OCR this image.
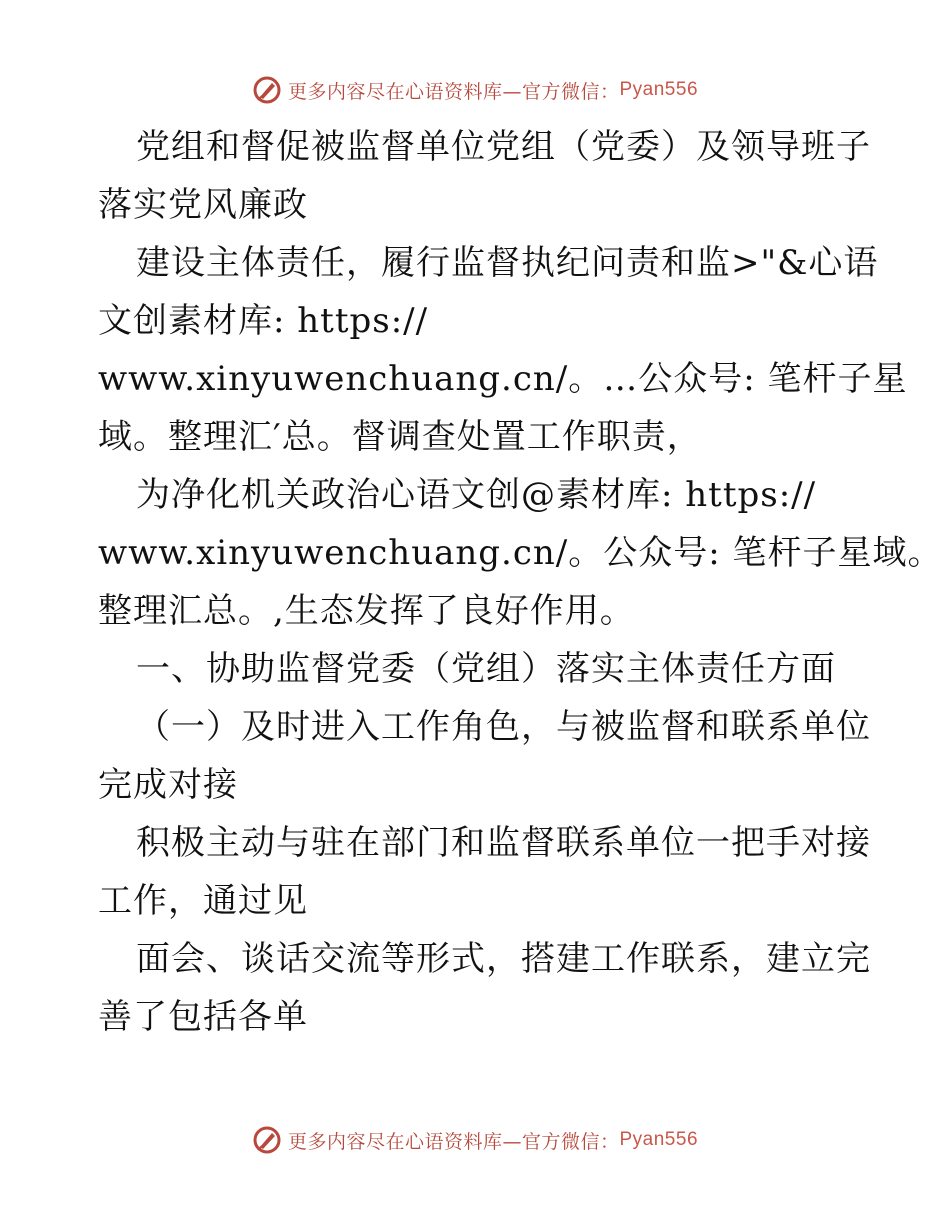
更多内容尽在心语资料库—官方微信： Pyan556
党组和督促被监督单位党组（党委）及领导班子
落实党风廉政
建设主体责任，履行监督执纪问责和监>"&心语
文创素材库: https://
www.xinyuwenchuang.cn/。…公众号: 笔杆子星
域。整理汇′总。督调查处置工作职责，
为净化机关政治心语文创@素材库: https://
www.xinyuwenchuang.cn/。公众号: 笔杆子星域。
整理汇总。,生态发挥了良好作用。
一、协助监督党委（党组）落实主体责任方面
（一）及时进入工作角色，与被监督和联系单位
完成对接
积极主动与驻在部门和监督联系单位一把手对接
工作，通过见
面会、谈话交流等形式，搭建工作联系，建立完
善了包括各单
更多内容尽在心语资料库—官方微信： Pyan556
